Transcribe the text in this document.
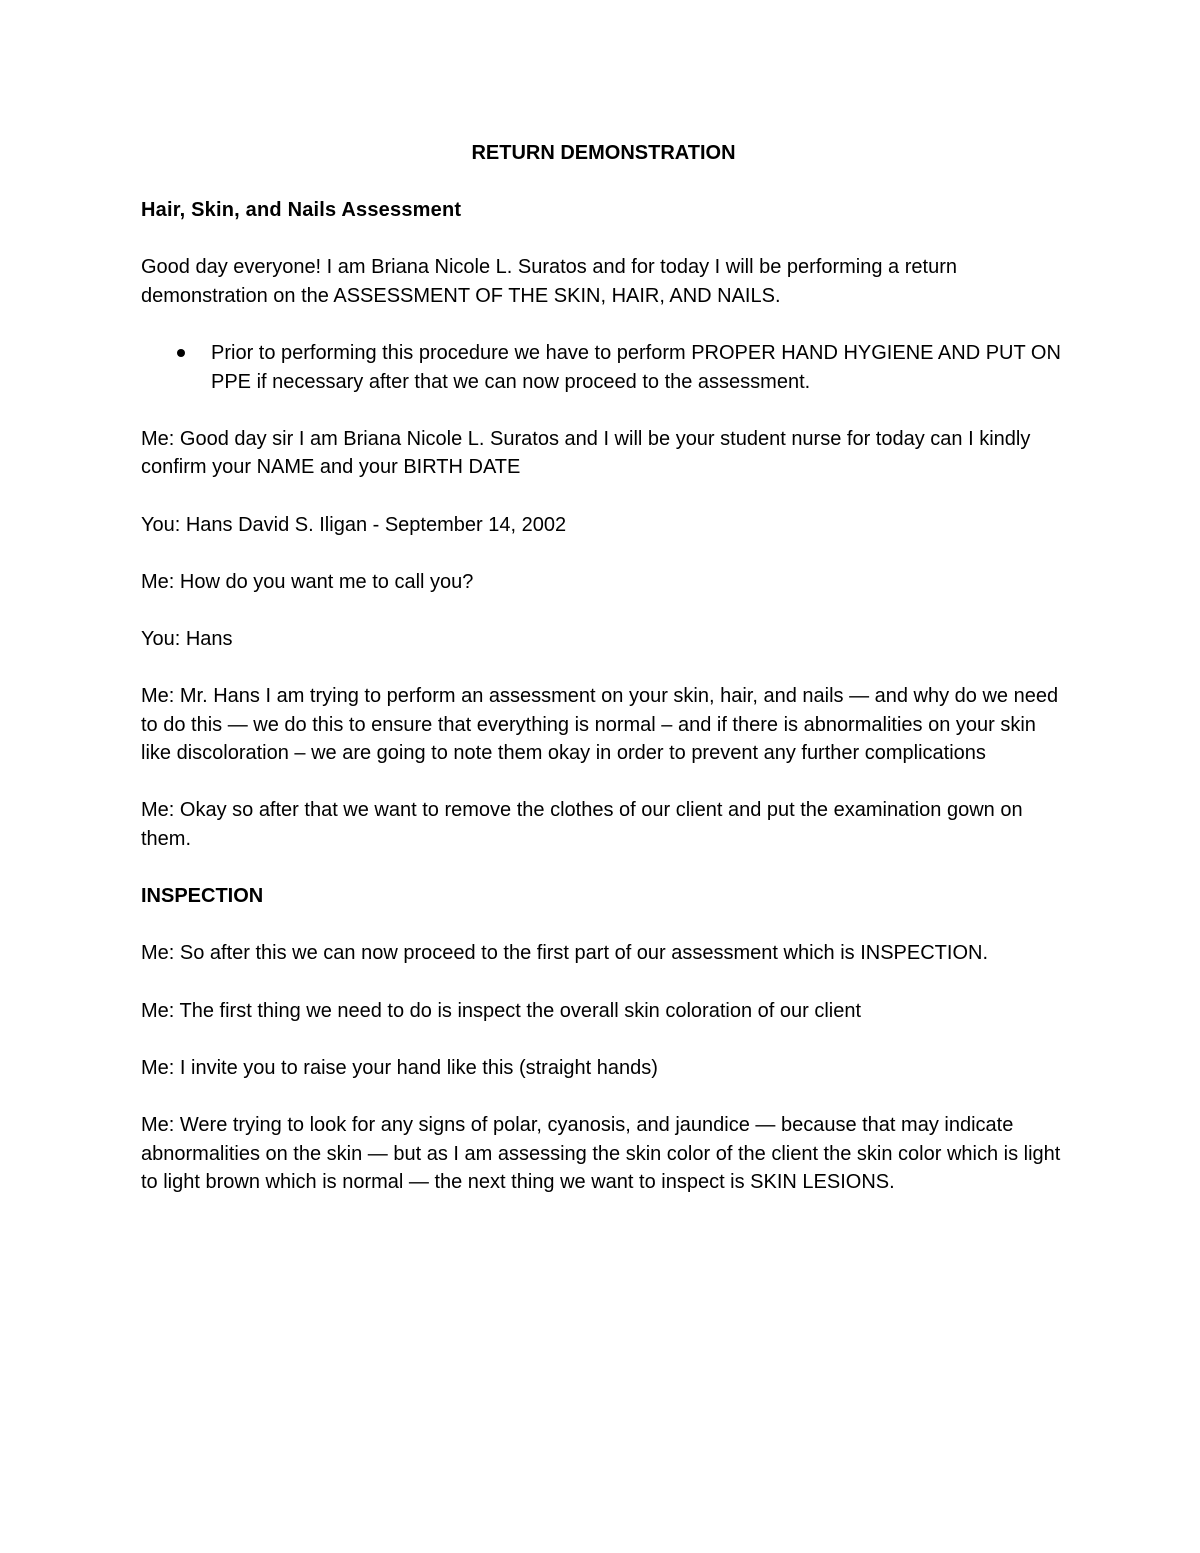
RETURN DEMONSTRATION
Hair, Skin, and Nails Assessment

Good day everyone! I am Briana Nicole L. Suratos and for today I will be performing a return demonstration on the ASSESSMENT OF THE SKIN, HAIR, AND NAILS.

Prior to performing this procedure we have to perform PROPER HAND HYGIENE AND PUT ON PPE if necessary after that we can now proceed to the assessment.

Me: Good day sir I am Briana Nicole L. Suratos and I will be your student nurse for today can I kindly confirm your NAME and your BIRTH DATE

You: Hans David S. Iligan - September 14, 2002

Me: How do you want me to call you?

You: Hans

Me: Mr. Hans I am trying to perform an assessment on your skin, hair, and nails — and why do we need to do this — we do this to ensure that everything is normal – and if there is abnormalities on your skin like discoloration – we are going to note them okay in order to prevent any further complications

Me: Okay so after that we want to remove the clothes of our client and put the examination gown on them.

INSPECTION

Me: So after this we can now proceed to the first part of our assessment which is INSPECTION.

Me: The first thing we need to do is inspect the overall skin coloration of our client

Me: I invite you to raise your hand like this (straight hands)

Me: Were trying to look for any signs of polar, cyanosis, and jaundice — because that may indicate abnormalities on the skin — but as I am assessing the skin color of the client the skin color which is light to light brown which is normal — the next thing we want to inspect is SKIN LESIONS.
